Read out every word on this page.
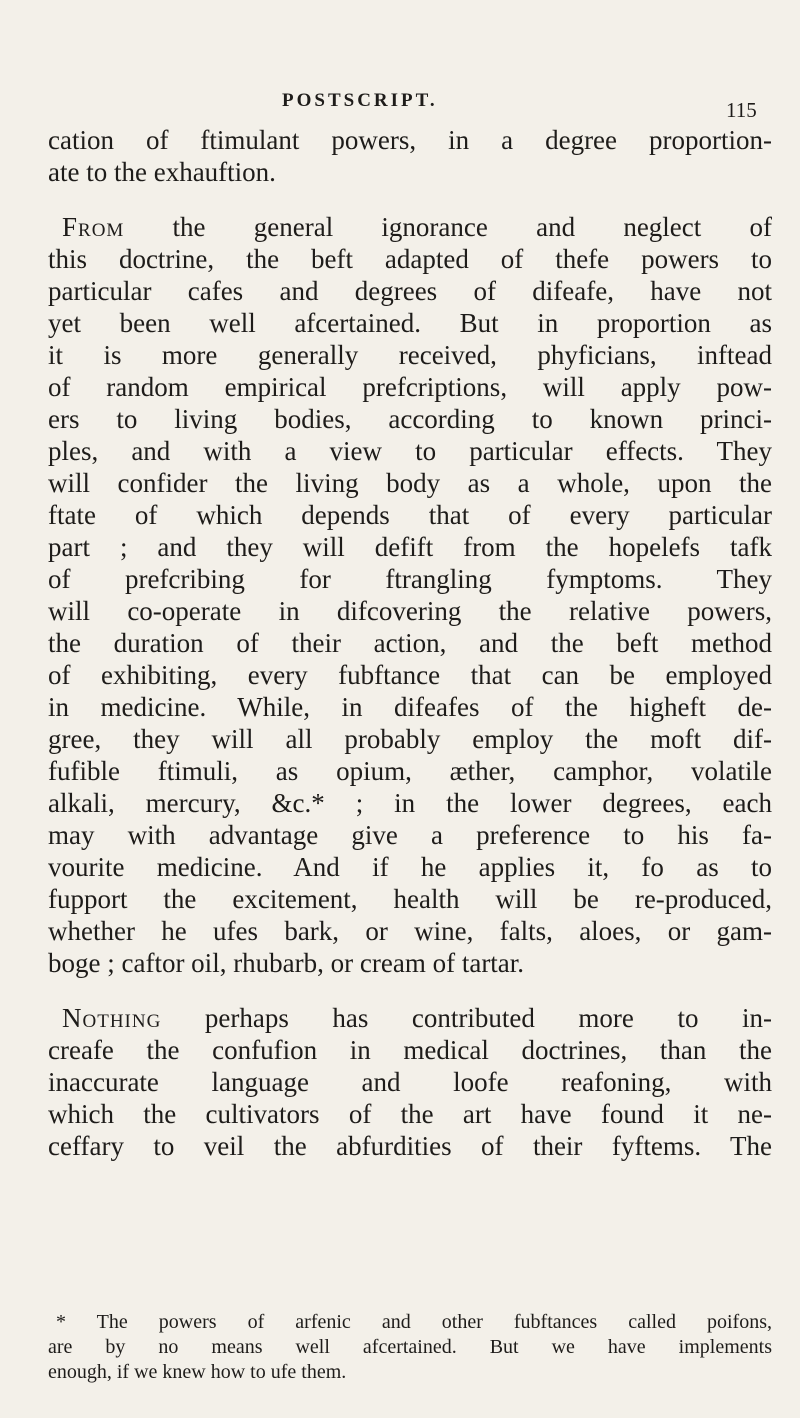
POSTSCRIPT.	115
cation of ftimulant powers, in a degree proportion-
ate to the exhauftion.
From the general ignorance and neglect of
this doctrine, the beft adapted of thefe powers to
particular cafes and degrees of difeafe, have not
yet been well afcertained. But in proportion as
it is more generally received, phyficians, inftead
of random empirical prefcriptions, will apply pow-
ers to living bodies, according to known princi-
ples, and with a view to particular effects. They
will confider the living body as a whole, upon the
ftate of which depends that of every particular
part ; and they will defift from the hopelefs tafk
of prefcribing for ftrangling fymptoms. They
will co-operate in difcovering the relative powers,
the duration of their action, and the beft method
of exhibiting, every fubftance that can be employed
in medicine. While, in difeafes of the higheft de-
gree, they will all probably employ the moft dif-
fufible ftimuli, as opium, æther, camphor, volatile
alkali, mercury, &c.* ; in the lower degrees, each
may with advantage give a preference to his fa-
vourite medicine. And if he applies it, fo as to
fupport the excitement, health will be re-produced,
whether he ufes bark, or wine, falts, aloes, or gam-
boge ; caftor oil, rhubarb, or cream of tartar.
Nothing perhaps has contributed more to in-
creafe the confufion in medical doctrines, than the
inaccurate language and loofe reafoning, with
which the cultivators of the art have found it ne-
ceffary to veil the abfurdities of their fyftems. The
* The powers of arfenic and other fubftances called poifons,
are by no means well afcertained. But we have implements
enough, if we knew how to ufe them.
